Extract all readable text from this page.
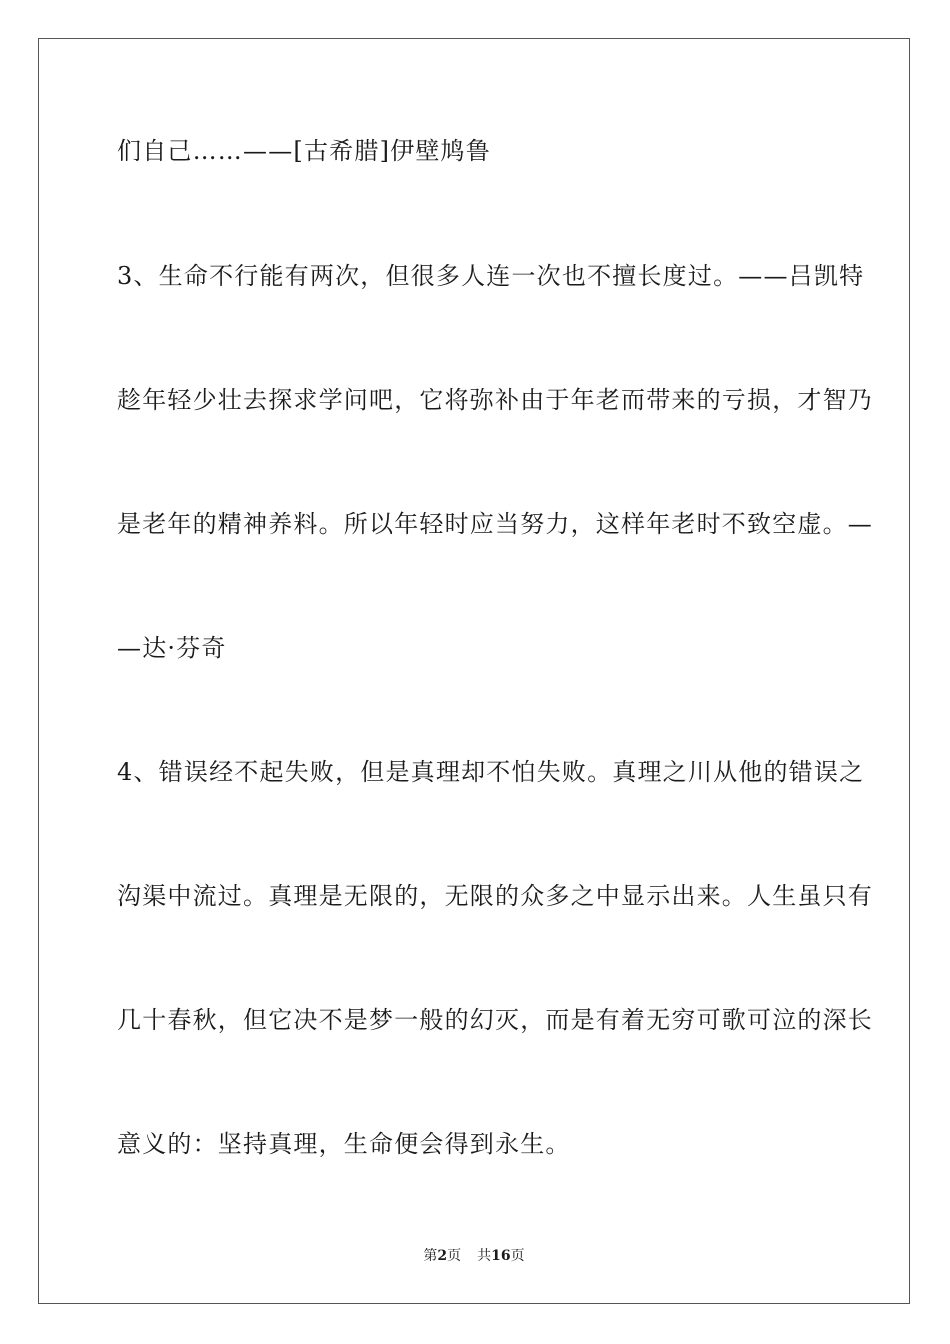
们自己……——[古希腊]伊壁鸠鲁
3、生命不行能有两次，但很多人连一次也不擅长度过。——吕凯特
趁年轻少壮去探求学问吧，它将弥补由于年老而带来的亏损，才智乃
是老年的精神养料。所以年轻时应当努力，这样年老时不致空虚。—
—达·芬奇
4、错误经不起失败，但是真理却不怕失败。真理之川从他的错误之
沟渠中流过。真理是无限的，无限的众多之中显示出来。人生虽只有
几十春秋，但它决不是梦一般的幻灭，而是有着无穷可歌可泣的深长
意义的：坚持真理，生命便会得到永生。
第2页 共16页
